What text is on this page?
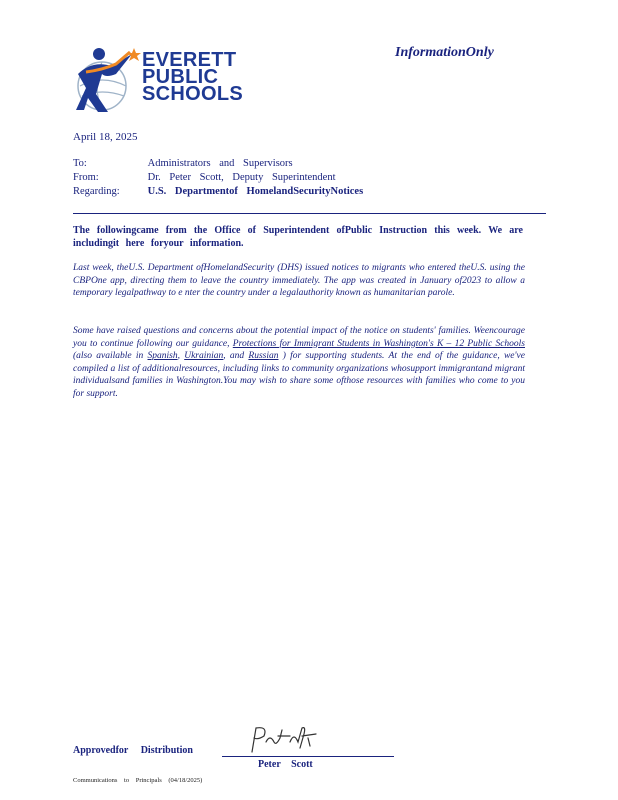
EVERETT
PUBLIC
SCHOOLS
InformationOnly
April 18, 2025
To:	Administrators and Supervisors
From:	Dr. Peter Scott, Deputy Superintendent
Regarding:	U.S. Departmentof HomelandSecurityNotices
The followingcame from the Office of Superintendent ofPublic Instruction this week. We are includingit here foryour information.
Last week, theU.S. Department ofHomelandSecurity (DHS) issued notices to migrants who entered theU.S. using the CBPOne app, directing them to leave the country immediately. The app was created in January of2023 to allow a temporary legalpathway to e nter the country under a legalauthority known as humanitarian parole.
Some have raised questions and concerns about the potential impact of the notice on students' families. Weencourage you to continue following our guidance, Protections for Immigrant Students in Washington's K – 12 Public Schools (also available in Spanish, Ukrainian, and Russian ) for supporting students. At the end of the guidance, we've compiled a list of additionalresources, including links to community organizations whosupport immigrantand migrant individualsand families in Washington.You may wish to share some ofthose resources with families who come to you for support.
Approvedfor Distribution
Peter Scott
Communications to Principals (04/18/2025)
